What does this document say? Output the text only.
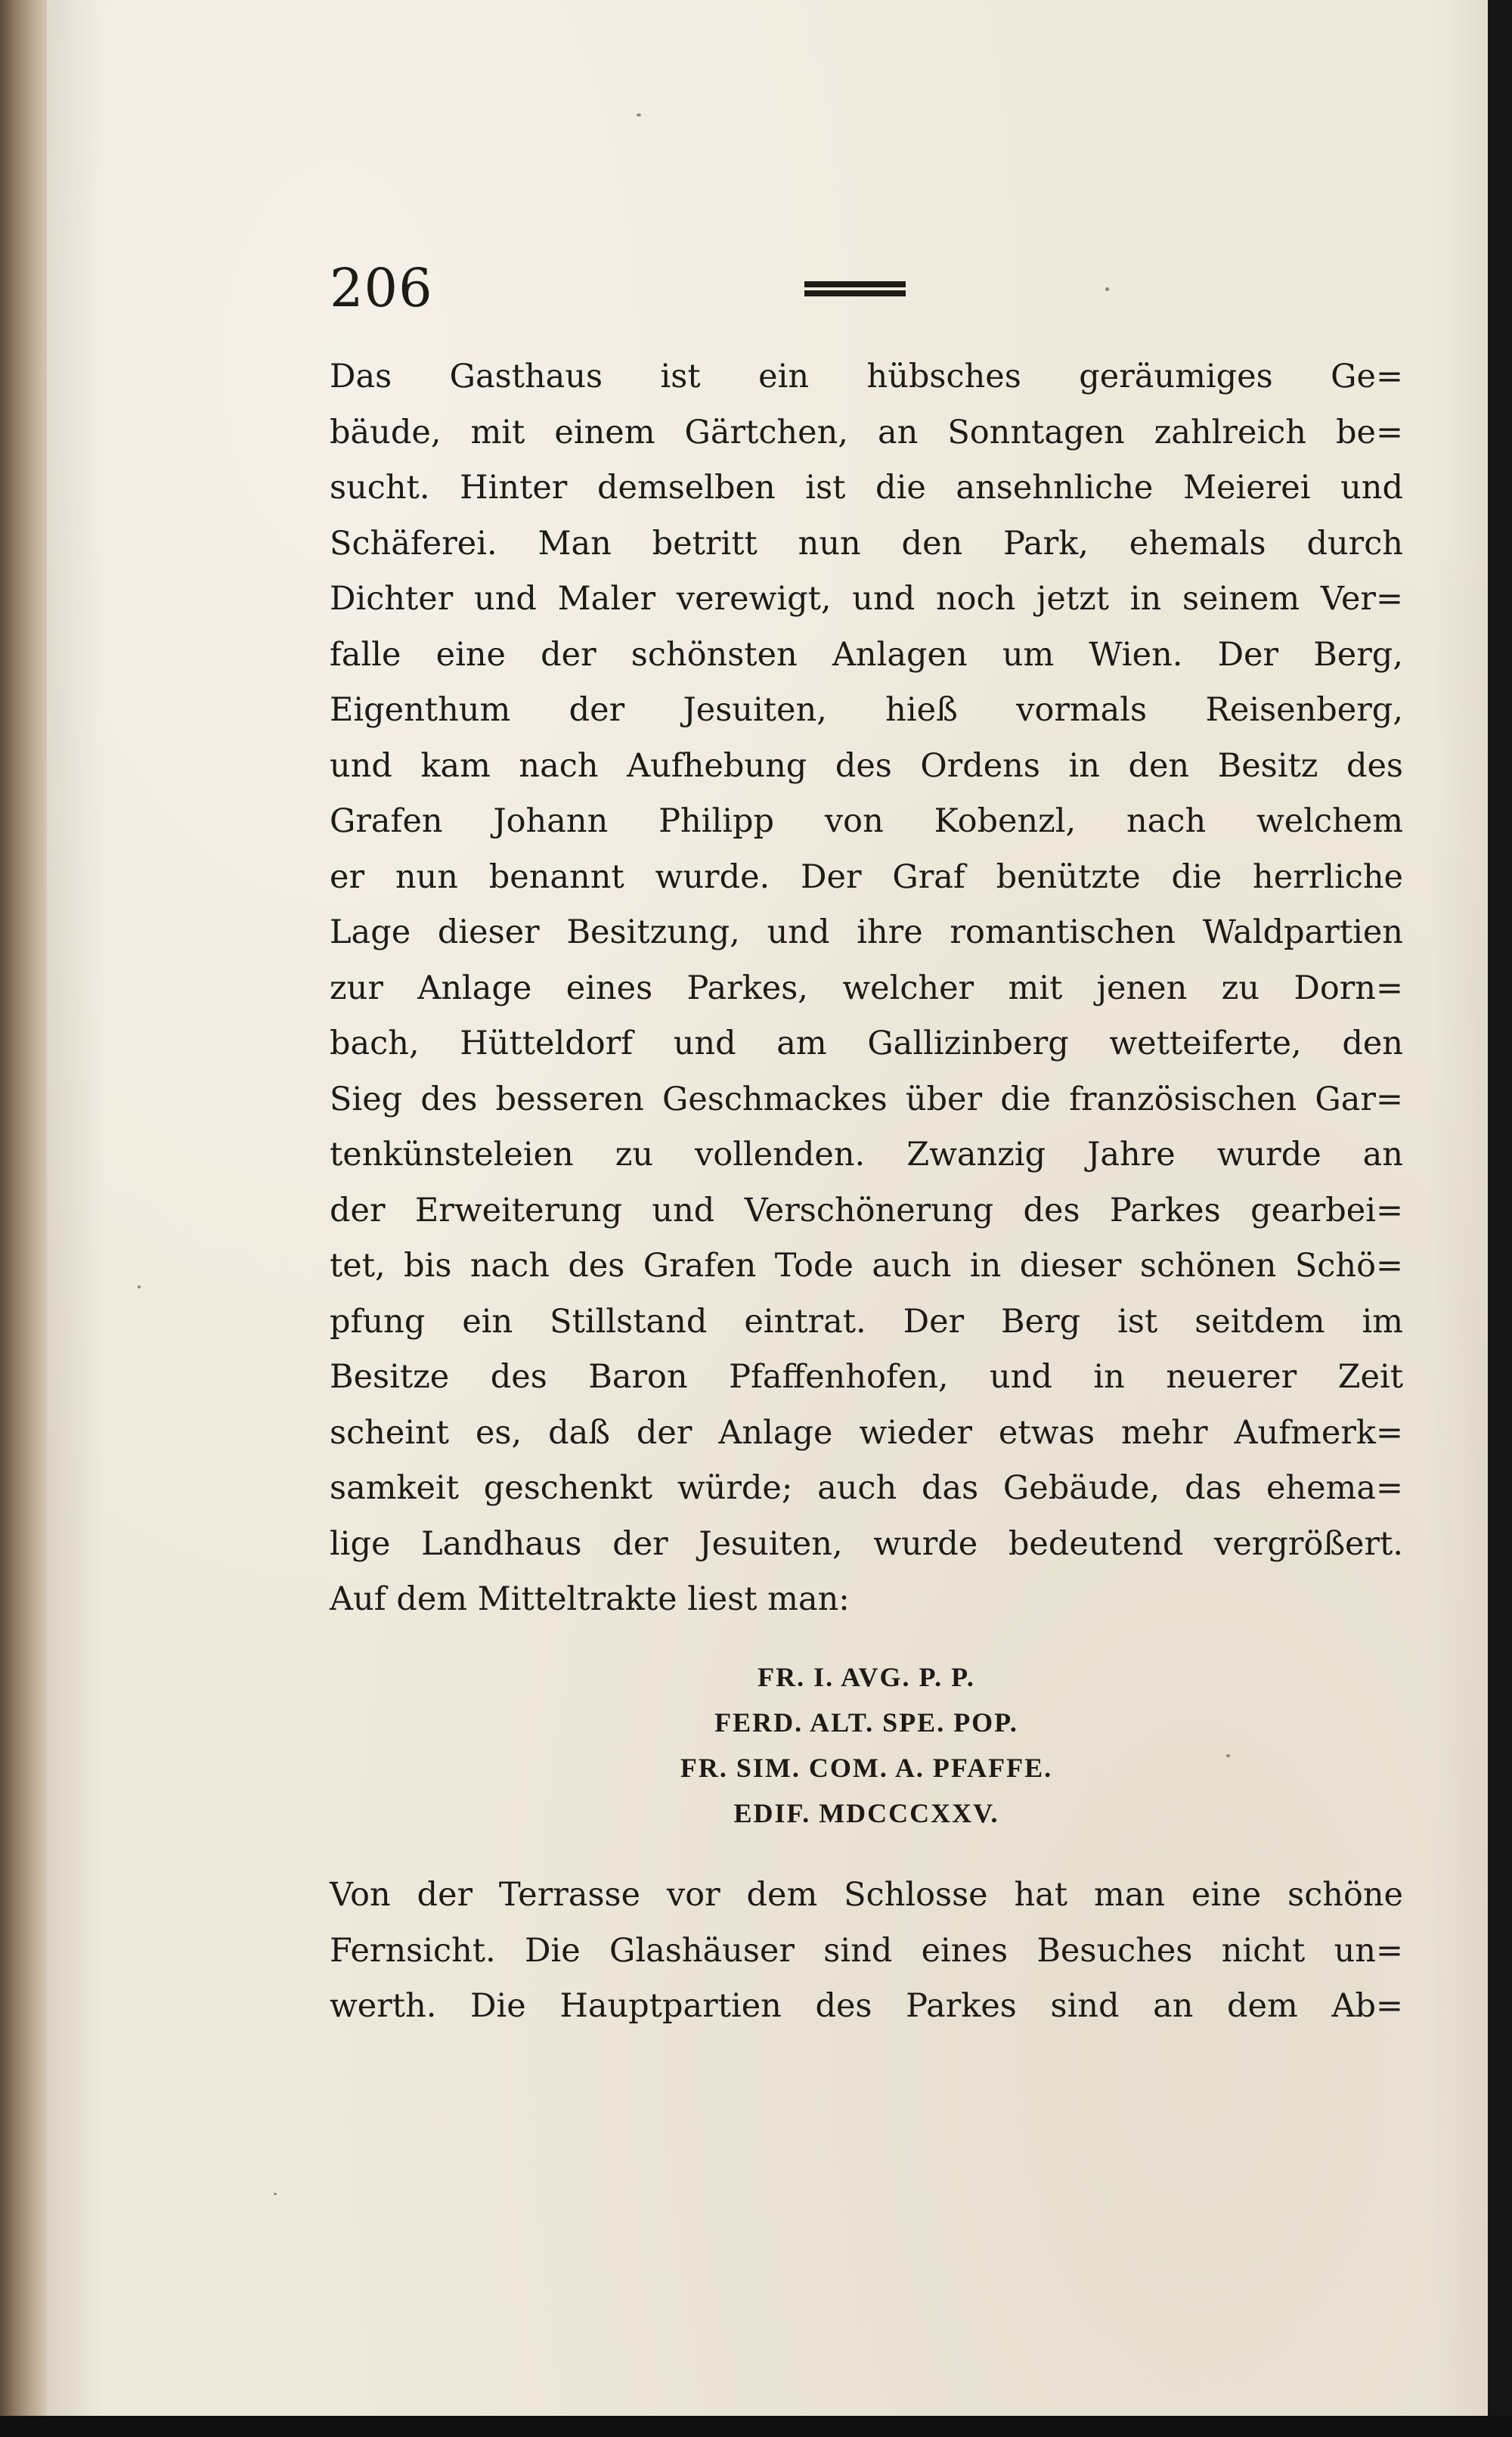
206
Das Gasthaus ist ein hübsches geräumiges Ge=
bäude, mit einem Gärtchen, an Sonntagen zahlreich be=
sucht. Hinter demselben ist die ansehnliche Meierei und
Schäferei. Man betritt nun den Park, ehemals durch
Dichter und Maler verewigt, und noch jetzt in seinem Ver=
falle eine der schönsten Anlagen um Wien. Der Berg,
Eigenthum der Jesuiten, hieß vormals Reisenberg,
und kam nach Aufhebung des Ordens in den Besitz des
Grafen Johann Philipp von Kobenzl, nach welchem
er nun benannt wurde. Der Graf benützte die herrliche
Lage dieser Besitzung, und ihre romantischen Waldpartien
zur Anlage eines Parkes, welcher mit jenen zu Dorn=
bach, Hütteldorf und am Gallizinberg wetteiferte, den
Sieg des besseren Geschmackes über die französischen Gar=
tenkünsteleien zu vollenden. Zwanzig Jahre wurde an
der Erweiterung und Verschönerung des Parkes gearbei=
tet, bis nach des Grafen Tode auch in dieser schönen Schö=
pfung ein Stillstand eintrat. Der Berg ist seitdem im
Besitze des Baron Pfaffenhofen, und in neuerer Zeit
scheint es, daß der Anlage wieder etwas mehr Aufmerk=
samkeit geschenkt würde; auch das Gebäude, das ehema=
lige Landhaus der Jesuiten, wurde bedeutend vergrößert.
Auf dem Mitteltrakte liest man:
FR. I. AVG. P. P.
FERD. ALT. SPE. POP.
FR. SIM. COM. A. PFAFFE.
EDIF. MDCCCXXV.
Von der Terrasse vor dem Schlosse hat man eine schöne
Fernsicht. Die Glashäuser sind eines Besuches nicht un=
werth. Die Hauptpartien des Parkes sind an dem Ab=
